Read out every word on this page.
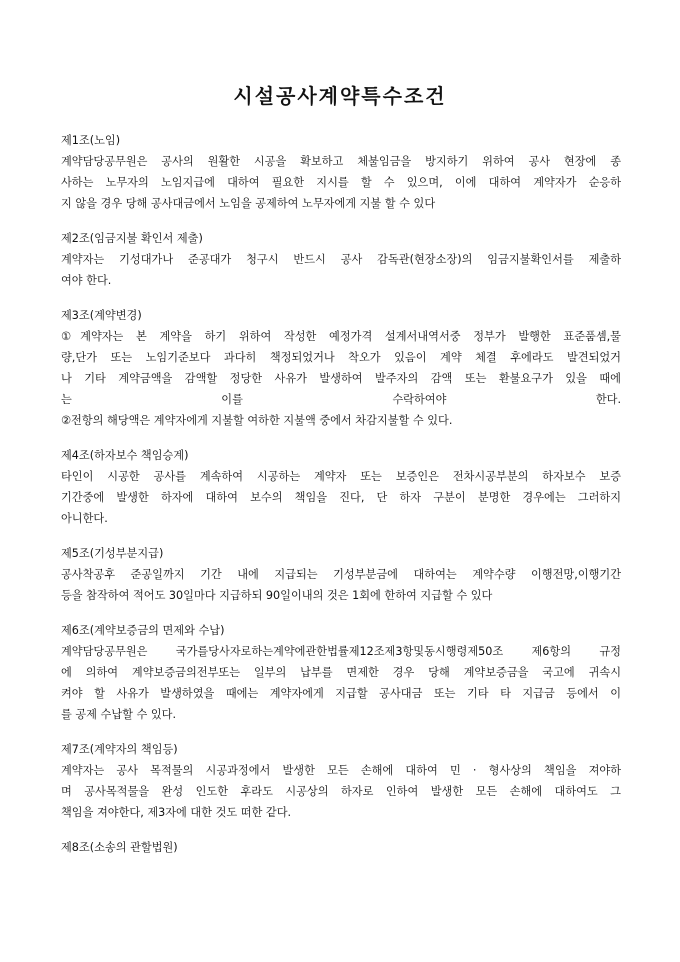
시설공사계약특수조건

제1조(노임)

계약담당공무원은 공사의 원활한 시공을 확보하고 체불임금을 방지하기 위하여 공사 현장에 종

사하는 노무자의 노임지급에 대하여 필요한 지시를 할 수 있으며, 이에 대하여 계약자가 순응하

지 않을 경우 당해 공사대금에서 노임을 공제하여 노무자에게 지불 할 수 있다

제2조(임금지불 확인서 제출)

계약자는 기성대가나 준공대가 청구시 반드시 공사 감독관(현장소장)의 임금지불확인서를 제출하

여야 한다.

제3조(계약변경)

①계약자는 본 계약을 하기 위하여 작성한 예정가격 설계서내역서중 정부가 발행한 표준품셈,물

량,단가 또는 노임기준보다 과다히 책정되었거나 착오가 있음이 계약 체결 후에라도 발견되었거

나 기타 계약금액을 감액할 정당한 사유가 발생하여 발주자의 감액 또는 환불요구가 있을 때에

는 이를 수락하여야 한다.

②전항의 해당액은 계약자에게 지불할 여하한 지불액 중에서 차감지불할 수 있다.

제4조(하자보수 책임승계)

타인이 시공한 공사를 계속하여 시공하는 계약자 또는 보증인은 전차시공부분의 하자보수 보증

기간중에 발생한 하자에 대하여 보수의 책임을 진다, 단 하자 구분이 분명한 경우에는 그러하지

아니한다.

제5조(기성부분지급)

공사착공후 준공일까지 기간 내에 지급되는 기성부분금에 대하여는 계약수량 이행전망,이행기간

등을 참작하여 적어도 30일마다 지급하되 90일이내의 것은 1회에 한하여 지급할 수 있다

제6조(계약보증금의 면제와 수납)

계약담당공무원은 국가를당사자로하는계약에관한법률제12조제3항및동시행령제50조 제6항의 규정

에 의하여 계약보증금의전부또는 일부의 납부를 면제한 경우 당해 계약보증금을 국고에 귀속시

켜야 할 사유가 발생하였을 때에는 계약자에게 지급할 공사대금 또는 기타 타 지급금 등에서 이

를 공제 수납할 수 있다.

제7조(계약자의 책임등)

계약자는 공사 목적물의 시공과정에서 발생한 모든 손해에 대하여 민 · 형사상의 책임을 져야하

며 공사목적물을 완성 인도한 후라도 시공상의 하자로 인하여 발생한 모든 손해에 대하여도 그

책임을 져야한다, 제3자에 대한 것도 떠한 같다.

제8조(소송의 관할법원)
